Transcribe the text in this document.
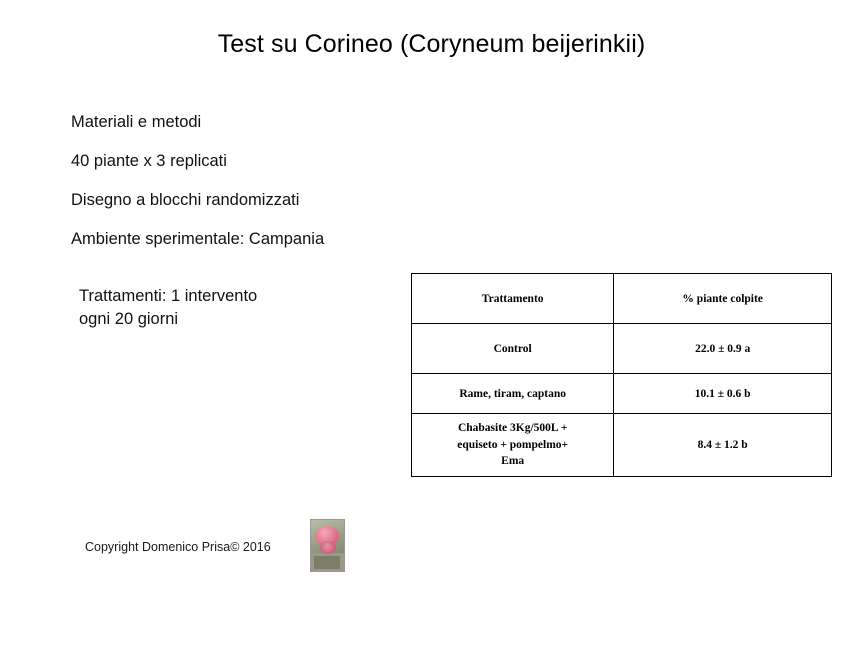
Test su Corineo (Coryneum beijerinkii)
Materiali e metodi
40 piante x 3 replicati
Disegno a blocchi randomizzati
Ambiente sperimentale: Campania
Trattamenti: 1 intervento
ogni 20 giorni
Trattamento	% piante colpite
Control	22.0 ± 0.9 a
Rame, tiram, captano	10.1 ± 0.6 b

Chabasite 3Kg/500L +
equiseto + pompelmo+
Ema	8.4 ± 1.2 b
Copyright Domenico Prisa© 2016
